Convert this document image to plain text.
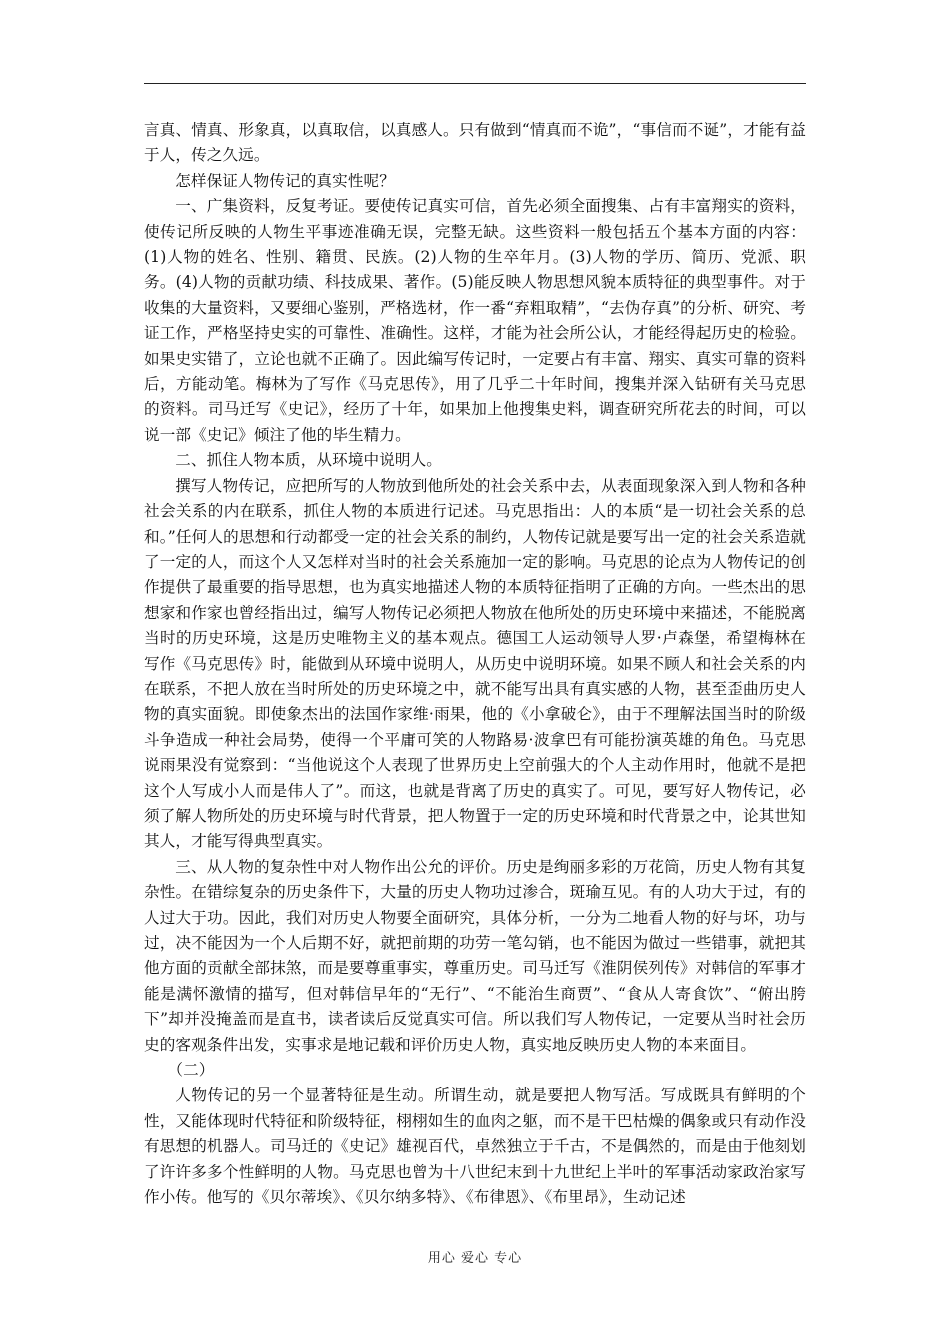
言真、情真、形象真，以真取信，以真感人。只有做到“情真而不诡”，“事信而不诞”，才能有益于人，传之久远。

怎样保证人物传记的真实性呢？

一、广集资料，反复考证。要使传记真实可信，首先必须全面搜集、占有丰富翔实的资料，使传记所反映的人物生平事迹准确无误，完整无缺。这些资料一般包括五个基本方面的内容：(1)人物的姓名、性别、籍贯、民族。(2)人物的生卒年月。(3)人物的学历、简历、党派、职务。(4)人物的贡献功绩、科技成果、著作。(5)能反映人物思想风貌本质特征的典型事件。对于收集的大量资料，又要细心鉴别，严格选材，作一番“弃粗取精”，“去伪存真”的分析、研究、考证工作，严格坚持史实的可靠性、准确性。这样，才能为社会所公认，才能经得起历史的检验。如果史实错了，立论也就不正确了。因此编写传记时，一定要占有丰富、翔实、真实可靠的资料后，方能动笔。梅林为了写作《马克思传》，用了几乎二十年时间，搜集并深入钻研有关马克思的资料。司马迁写《史记》，经历了十年，如果加上他搜集史料，调查研究所花去的时间，可以说一部《史记》倾注了他的毕生精力。

二、抓住人物本质，从环境中说明人。

撰写人物传记，应把所写的人物放到他所处的社会关系中去，从表面现象深入到人物和各种社会关系的内在联系，抓住人物的本质进行记述。马克思指出：人的本质“是一切社会关系的总和。”任何人的思想和行动都受一定的社会关系的制约，人物传记就是要写出一定的社会关系造就了一定的人，而这个人又怎样对当时的社会关系施加一定的影响。马克思的论点为人物传记的创作提供了最重要的指导思想，也为真实地描述人物的本质特征指明了正确的方向。一些杰出的思想家和作家也曾经指出过，编写人物传记必须把人物放在他所处的历史环境中来描述，不能脱离当时的历史环境，这是历史唯物主义的基本观点。德国工人运动领导人罗·卢森堡，希望梅林在写作《马克思传》时，能做到从环境中说明人，从历史中说明环境。如果不顾人和社会关系的内在联系，不把人放在当时所处的历史环境之中，就不能写出具有真实感的人物，甚至歪曲历史人物的真实面貌。即使象杰出的法国作家维·雨果，他的《小拿破仑》，由于不理解法国当时的阶级斗争造成一种社会局势，使得一个平庸可笑的人物路易·波拿巴有可能扮演英雄的角色。马克思说雨果没有觉察到：“当他说这个人表现了世界历史上空前强大的个人主动作用时，他就不是把这个人写成小人而是伟人了”。而这，也就是背离了历史的真实了。可见，要写好人物传记，必须了解人物所处的历史环境与时代背景，把人物置于一定的历史环境和时代背景之中，论其世知其人，才能写得典型真实。

三、从人物的复杂性中对人物作出公允的评价。历史是绚丽多彩的万花筒，历史人物有其复杂性。在错综复杂的历史条件下，大量的历史人物功过渗合，斑瑜互见。有的人功大于过，有的人过大于功。因此，我们对历史人物要全面研究，具体分析，一分为二地看人物的好与坏，功与过，决不能因为一个人后期不好，就把前期的功劳一笔勾销，也不能因为做过一些错事，就把其他方面的贡献全部抹煞，而是要尊重事实，尊重历史。司马迁写《淮阴侯列传》对韩信的军事才能是满怀激情的描写，但对韩信早年的“无行”、“不能治生商贾”、“食从人寄食饮”、“俯出胯下”却并没掩盖而是直书，读者读后反觉真实可信。所以我们写人物传记，一定要从当时社会历史的客观条件出发，实事求是地记载和评价历史人物，真实地反映历史人物的本来面目。

（二）

人物传记的另一个显著特征是生动。所谓生动，就是要把人物写活。写成既具有鲜明的个性，又能体现时代特征和阶级特征，栩栩如生的血肉之躯，而不是干巴枯燥的偶象或只有动作没有思想的机器人。司马迁的《史记》雄视百代，卓然独立于千古，不是偶然的，而是由于他刻划了许许多多个性鲜明的人物。马克思也曾为十八世纪末到十九世纪上半叶的军事活动家政治家写作小传。他写的《贝尔蒂埃》、《贝尔纳多特》、《布律恩》、《布里昂》，生动记述

用心 爱心 专心
